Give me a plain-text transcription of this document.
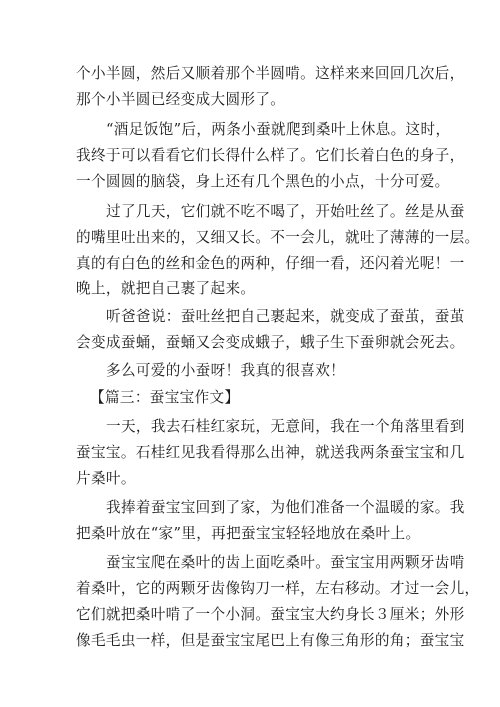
个小半圆，然后又顺着那个半圆啃。这样来来回回几次后，
那个小半圆已经变成大圆形了。
“酒足饭饱”后，两条小蚕就爬到桑叶上休息。这时，
我终于可以看看它们长得什么样了。它们长着白色的身子，
一个圆圆的脑袋，身上还有几个黑色的小点，十分可爱。
过了几天，它们就不吃不喝了，开始吐丝了。丝是从蚕
的嘴里吐出来的，又细又长。不一会儿，就吐了薄薄的一层。
真的有白色的丝和金色的两种，仔细一看，还闪着光呢！一
晚上，就把自己裹了起来。
听爸爸说：蚕吐丝把自己裹起来，就变成了蚕茧，蚕茧
会变成蚕蛹，蚕蛹又会变成蛾子，蛾子生下蚕卵就会死去。
多么可爱的小蚕呀！我真的很喜欢！
【篇三：蚕宝宝作文】
一天，我去石桂红家玩，无意间，我在一个角落里看到
蚕宝宝。石桂红见我看得那么出神，就送我两条蚕宝宝和几
片桑叶。
我捧着蚕宝宝回到了家，为他们准备一个温暖的家。我
把桑叶放在“家”里，再把蚕宝宝轻轻地放在桑叶上。
蚕宝宝爬在桑叶的齿上面吃桑叶。蚕宝宝用两颗牙齿啃
着桑叶，它的两颗牙齿像钩刀一样，左右移动。才过一会儿，
它们就把桑叶啃了一个小洞。蚕宝宝大约身长３厘米；外形
像毛毛虫一样，但是蚕宝宝尾巴上有像三角形的角；蚕宝宝
